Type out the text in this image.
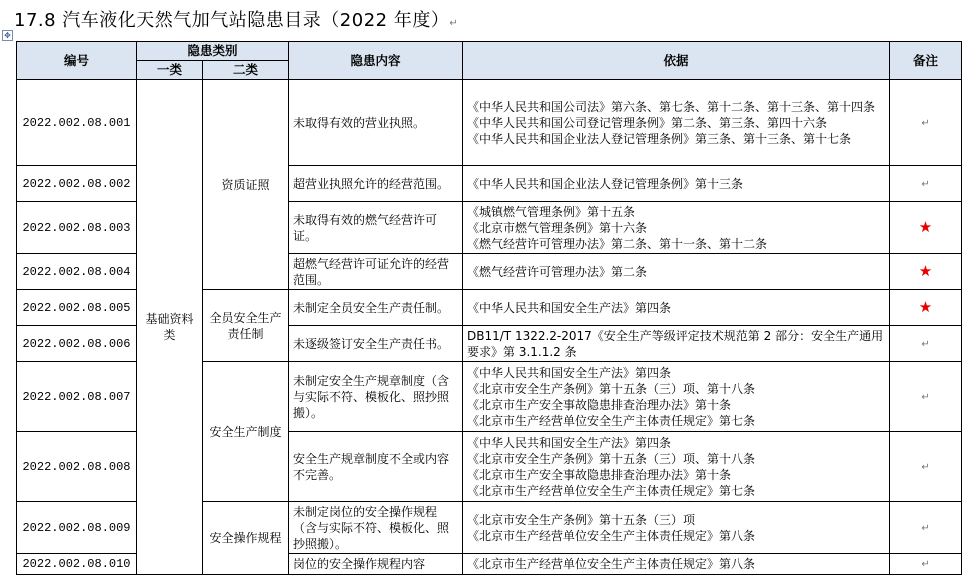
17.8 汽车液化天然气加气站隐患目录（2022 年度）↵
✥
编号	隐患类别		隐患内容	依据	备注
	一类	二类			
2022.002.08.001	基础资料类	资质证照	未取得有效的营业执照。	《中华人民共和国公司法》第六条、第七条、第十二条、第十三条、第十四条
《中华人民共和国公司登记管理条例》第二条、第三条、第四十六条
《中华人民共和国企业法人登记管理条例》第三条、第十三条、第十七条	↵
2022.002.08.002			超营业执照允许的经营范围。	《中华人民共和国企业法人登记管理条例》第十三条	↵
2022.002.08.003			未取得有效的燃气经营许可证。	《城镇燃气管理条例》第十五条
《北京市燃气管理条例》第十六条
《燃气经营许可管理办法》第二条、第十一条、第十二条	★
2022.002.08.004			超燃气经营许可证允许的经营范围。	《燃气经营许可管理办法》第二条	★
2022.002.08.005		全员安全生产责任制	未制定全员安全生产责任制。	《中华人民共和国安全生产法》第四条	★
2022.002.08.006			未逐级签订安全生产责任书。	DB11/T 1322.2-2017《安全生产等级评定技术规范第 2 部分：安全生产通用要求》第 3.1.1.2 条	↵
2022.002.08.007		安全生产制度	未制定安全生产规章制度（含与实际不符、模板化、照抄照搬）。	《中华人民共和国安全生产法》第四条
《北京市安全生产条例》第十五条（三）项、第十八条
《北京市生产安全事故隐患排查治理办法》第十条
《北京市生产经营单位安全生产主体责任规定》第七条	↵
2022.002.08.008			安全生产规章制度不全或内容不完善。	《中华人民共和国安全生产法》第四条
《北京市安全生产条例》第十五条（三）项、第十八条
《北京市生产安全事故隐患排查治理办法》第十条
《北京市生产经营单位安全生产主体责任规定》第七条	↵
2022.002.08.009		安全操作规程	未制定岗位的安全操作规程（含与实际不符、模板化、照抄照搬）。	《北京市安全生产条例》第十五条（三）项
《北京市生产经营单位安全生产主体责任规定》第八条	↵
2022.002.08.010			岗位的安全操作规程内容	《北京市生产经营单位安全生产主体责任规定》第八条	↵
